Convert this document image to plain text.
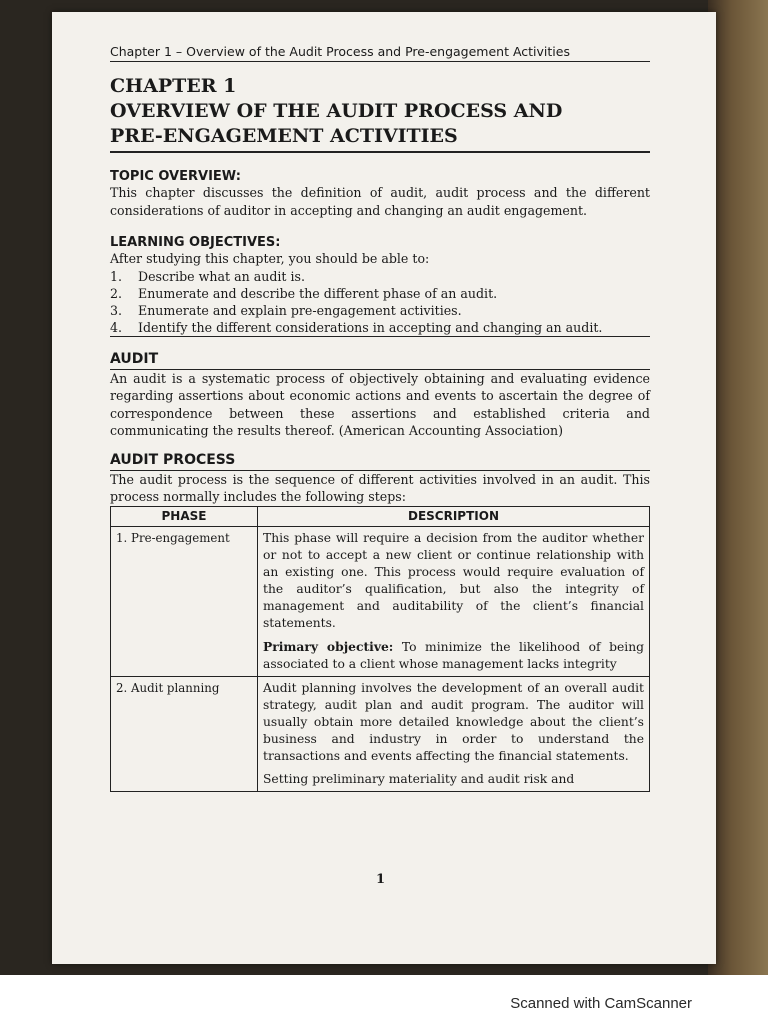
Chapter 1 – Overview of the Audit Process and Pre-engagement Activities
CHAPTER 1
OVERVIEW OF THE AUDIT PROCESS AND
PRE-ENGAGEMENT ACTIVITIES
TOPIC OVERVIEW:
This chapter discusses the definition of audit, audit process and the different considerations of auditor in accepting and changing an audit engagement.
LEARNING OBJECTIVES:
After studying this chapter, you should be able to:
1.	Describe what an audit is.
2.	Enumerate and describe the different phase of an audit.
3.	Enumerate and explain pre-engagement activities.
4.	Identify the different considerations in accepting and changing an audit.
AUDIT
An audit is a systematic process of objectively obtaining and evaluating evidence regarding assertions about economic actions and events to ascertain the degree of correspondence between these assertions and established criteria and communicating the results thereof. (American Accounting Association)
AUDIT PROCESS
The audit process is the sequence of different activities involved in an audit. This process normally includes the following steps:
PHASE	DESCRIPTION
1. Pre-engagement	This phase will require a decision from the auditor whether or not to accept a new client or continue relationship with an existing one. This process would require evaluation of the auditor’s qualification, but also the integrity of management and auditability of the client’s financial statements.
Primary objective: To minimize the likelihood of being associated to a client whose management lacks integrity

2. Audit planning	Audit planning involves the development of an overall audit strategy, audit plan and audit program. The auditor will usually obtain more detailed knowledge about the client’s business and industry in order to understand the transactions and events affecting the financial statements.
Setting preliminary materiality and audit risk and
1
Scanned with CamScanner
